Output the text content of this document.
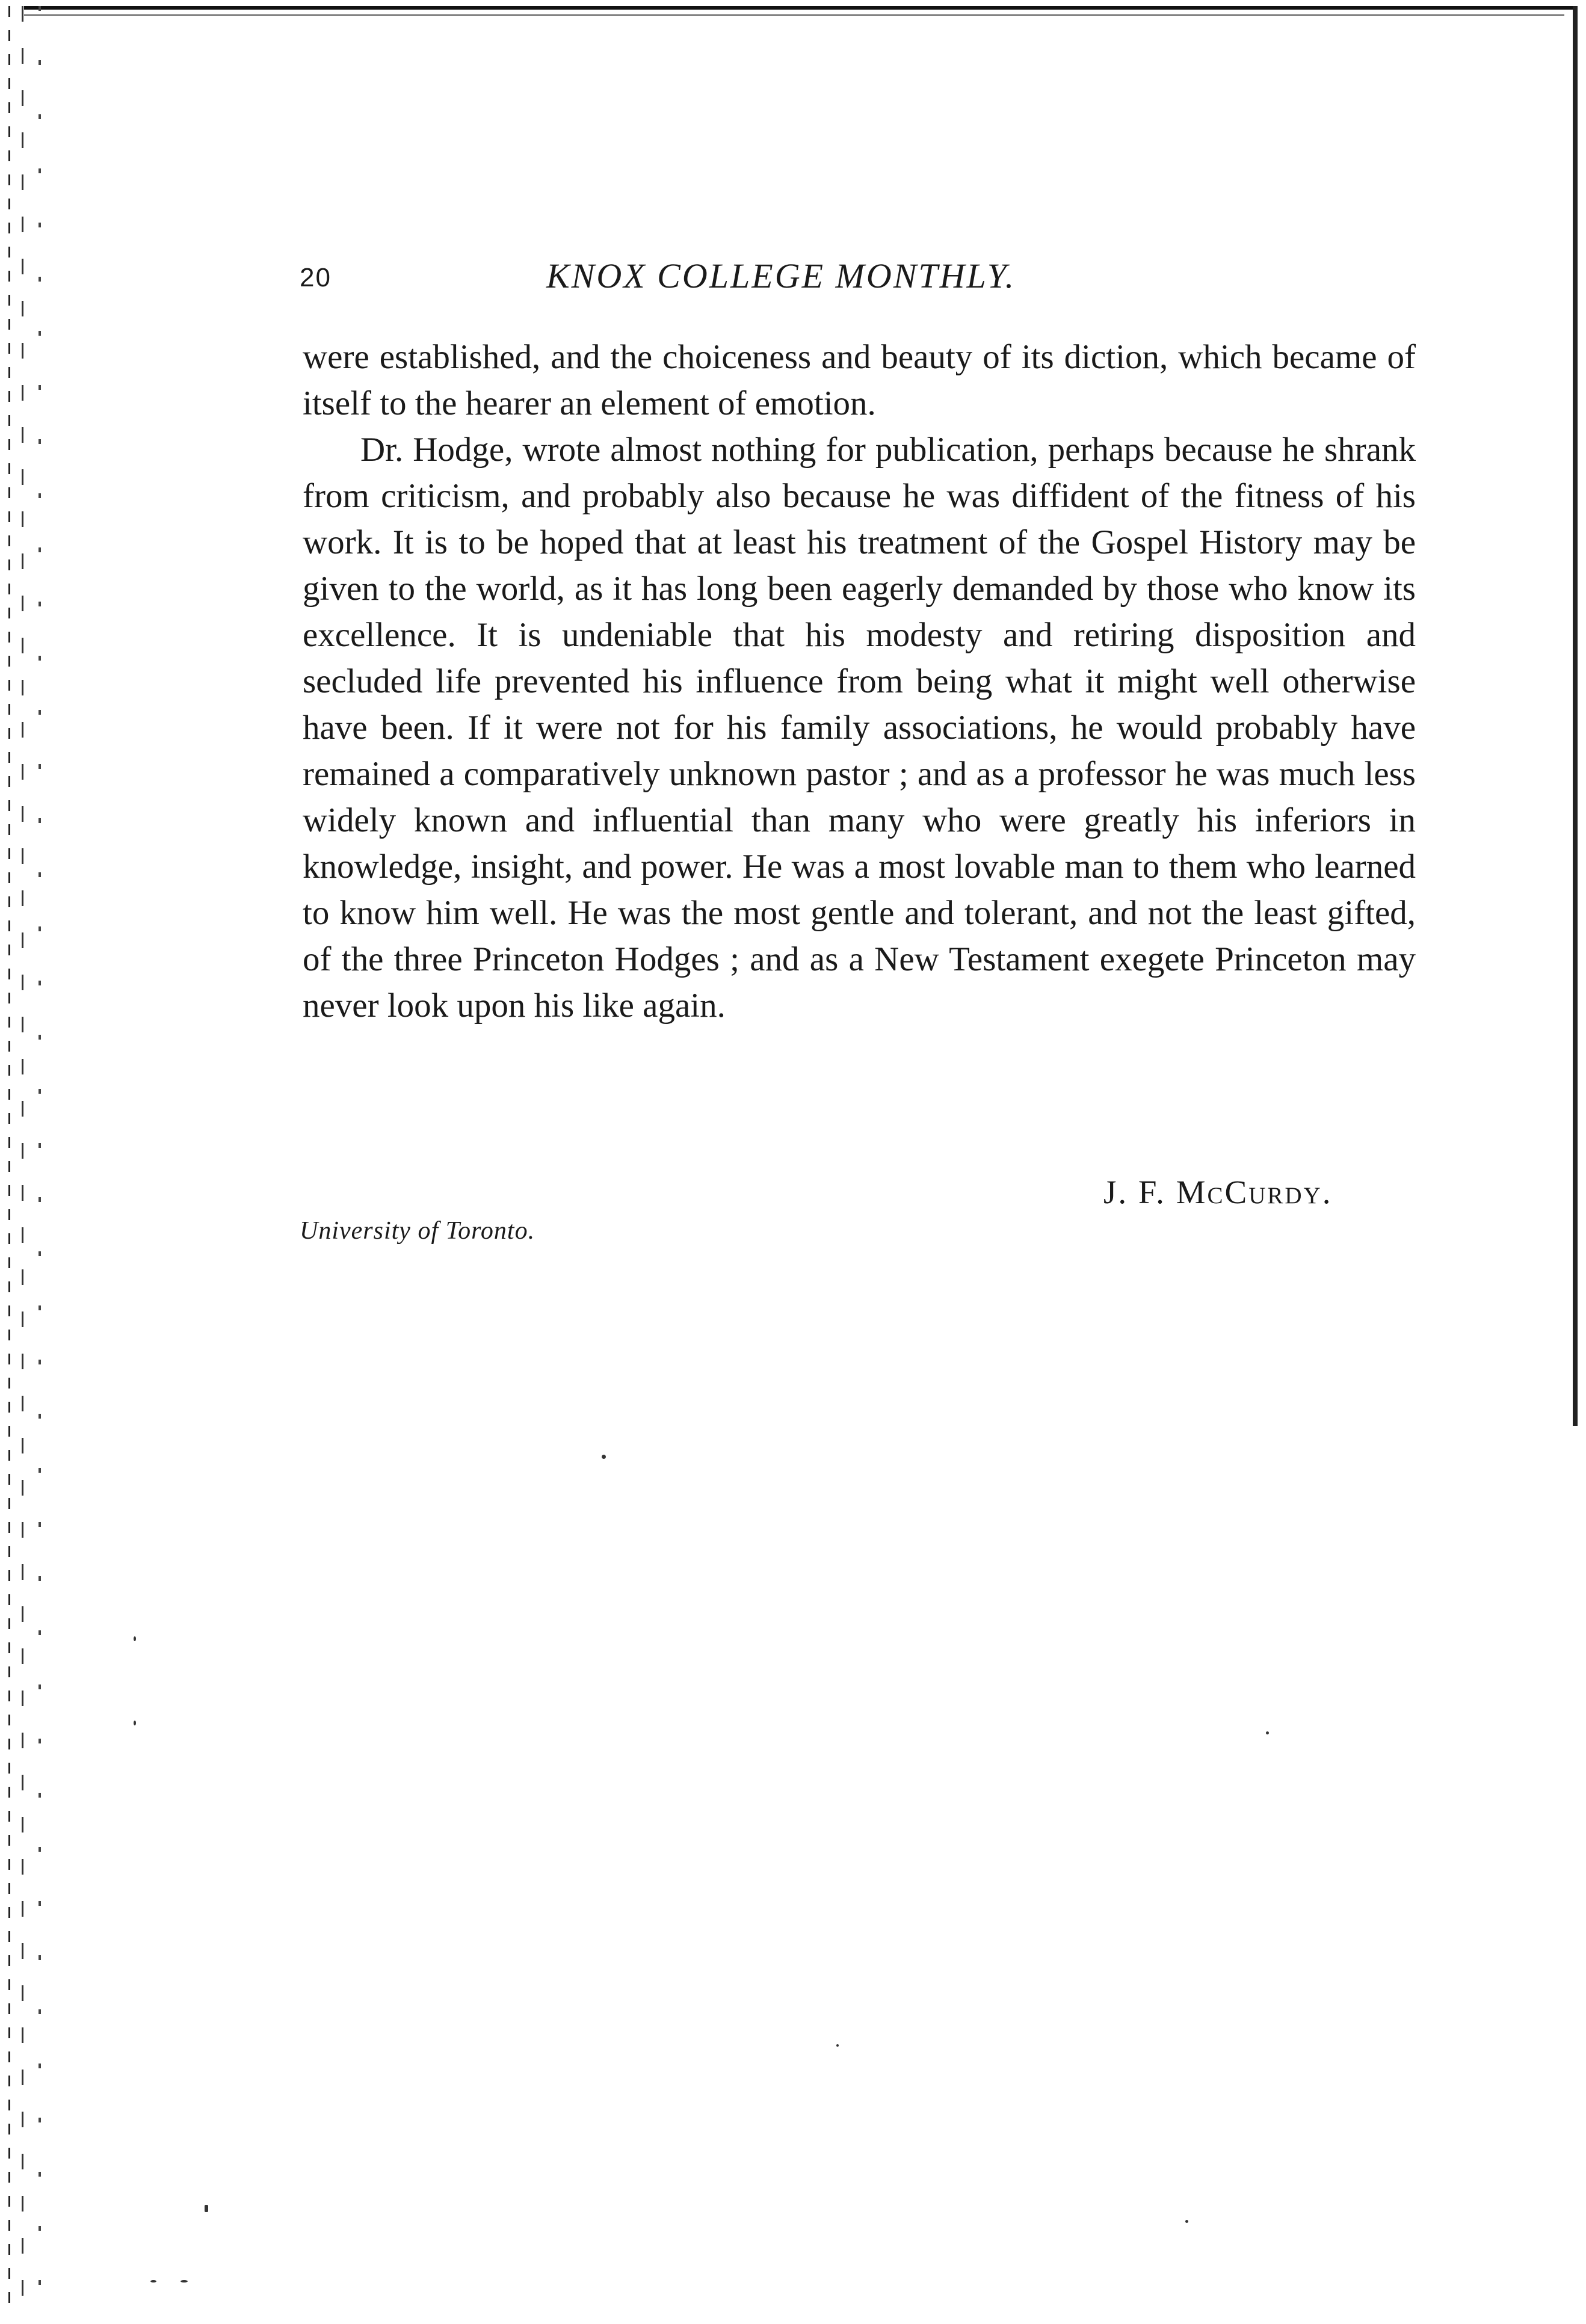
20	KNOX COLLEGE MONTHLY.

were established, and the choiceness and beauty of its diction, which became of itself to the hearer an element of emotion.

Dr. Hodge, wrote almost nothing for publication, perhaps because he shrank from criticism, and probably also because he was diffident of the fitness of his work. It is to be hoped that at least his treatment of the Gospel History may be given to the world, as it has long been eagerly demanded by those who know its excellence. It is undeniable that his modesty and retiring disposition and secluded life prevented his influence from being what it might well otherwise have been. If it were not for his family associations, he would probably have remained a comparatively unknown pastor ; and as a professor he was much less widely known and influential than many who were greatly his inferiors in knowledge, insight, and power. He was a most lovable man to them who learned to know him well. He was the most gentle and tolerant, and not the least gifted, of the three Princeton Hodges ; and as a New Testament exegete Princeton may never look upon his like again.

J. F. McCurdy.
University of Toronto.
